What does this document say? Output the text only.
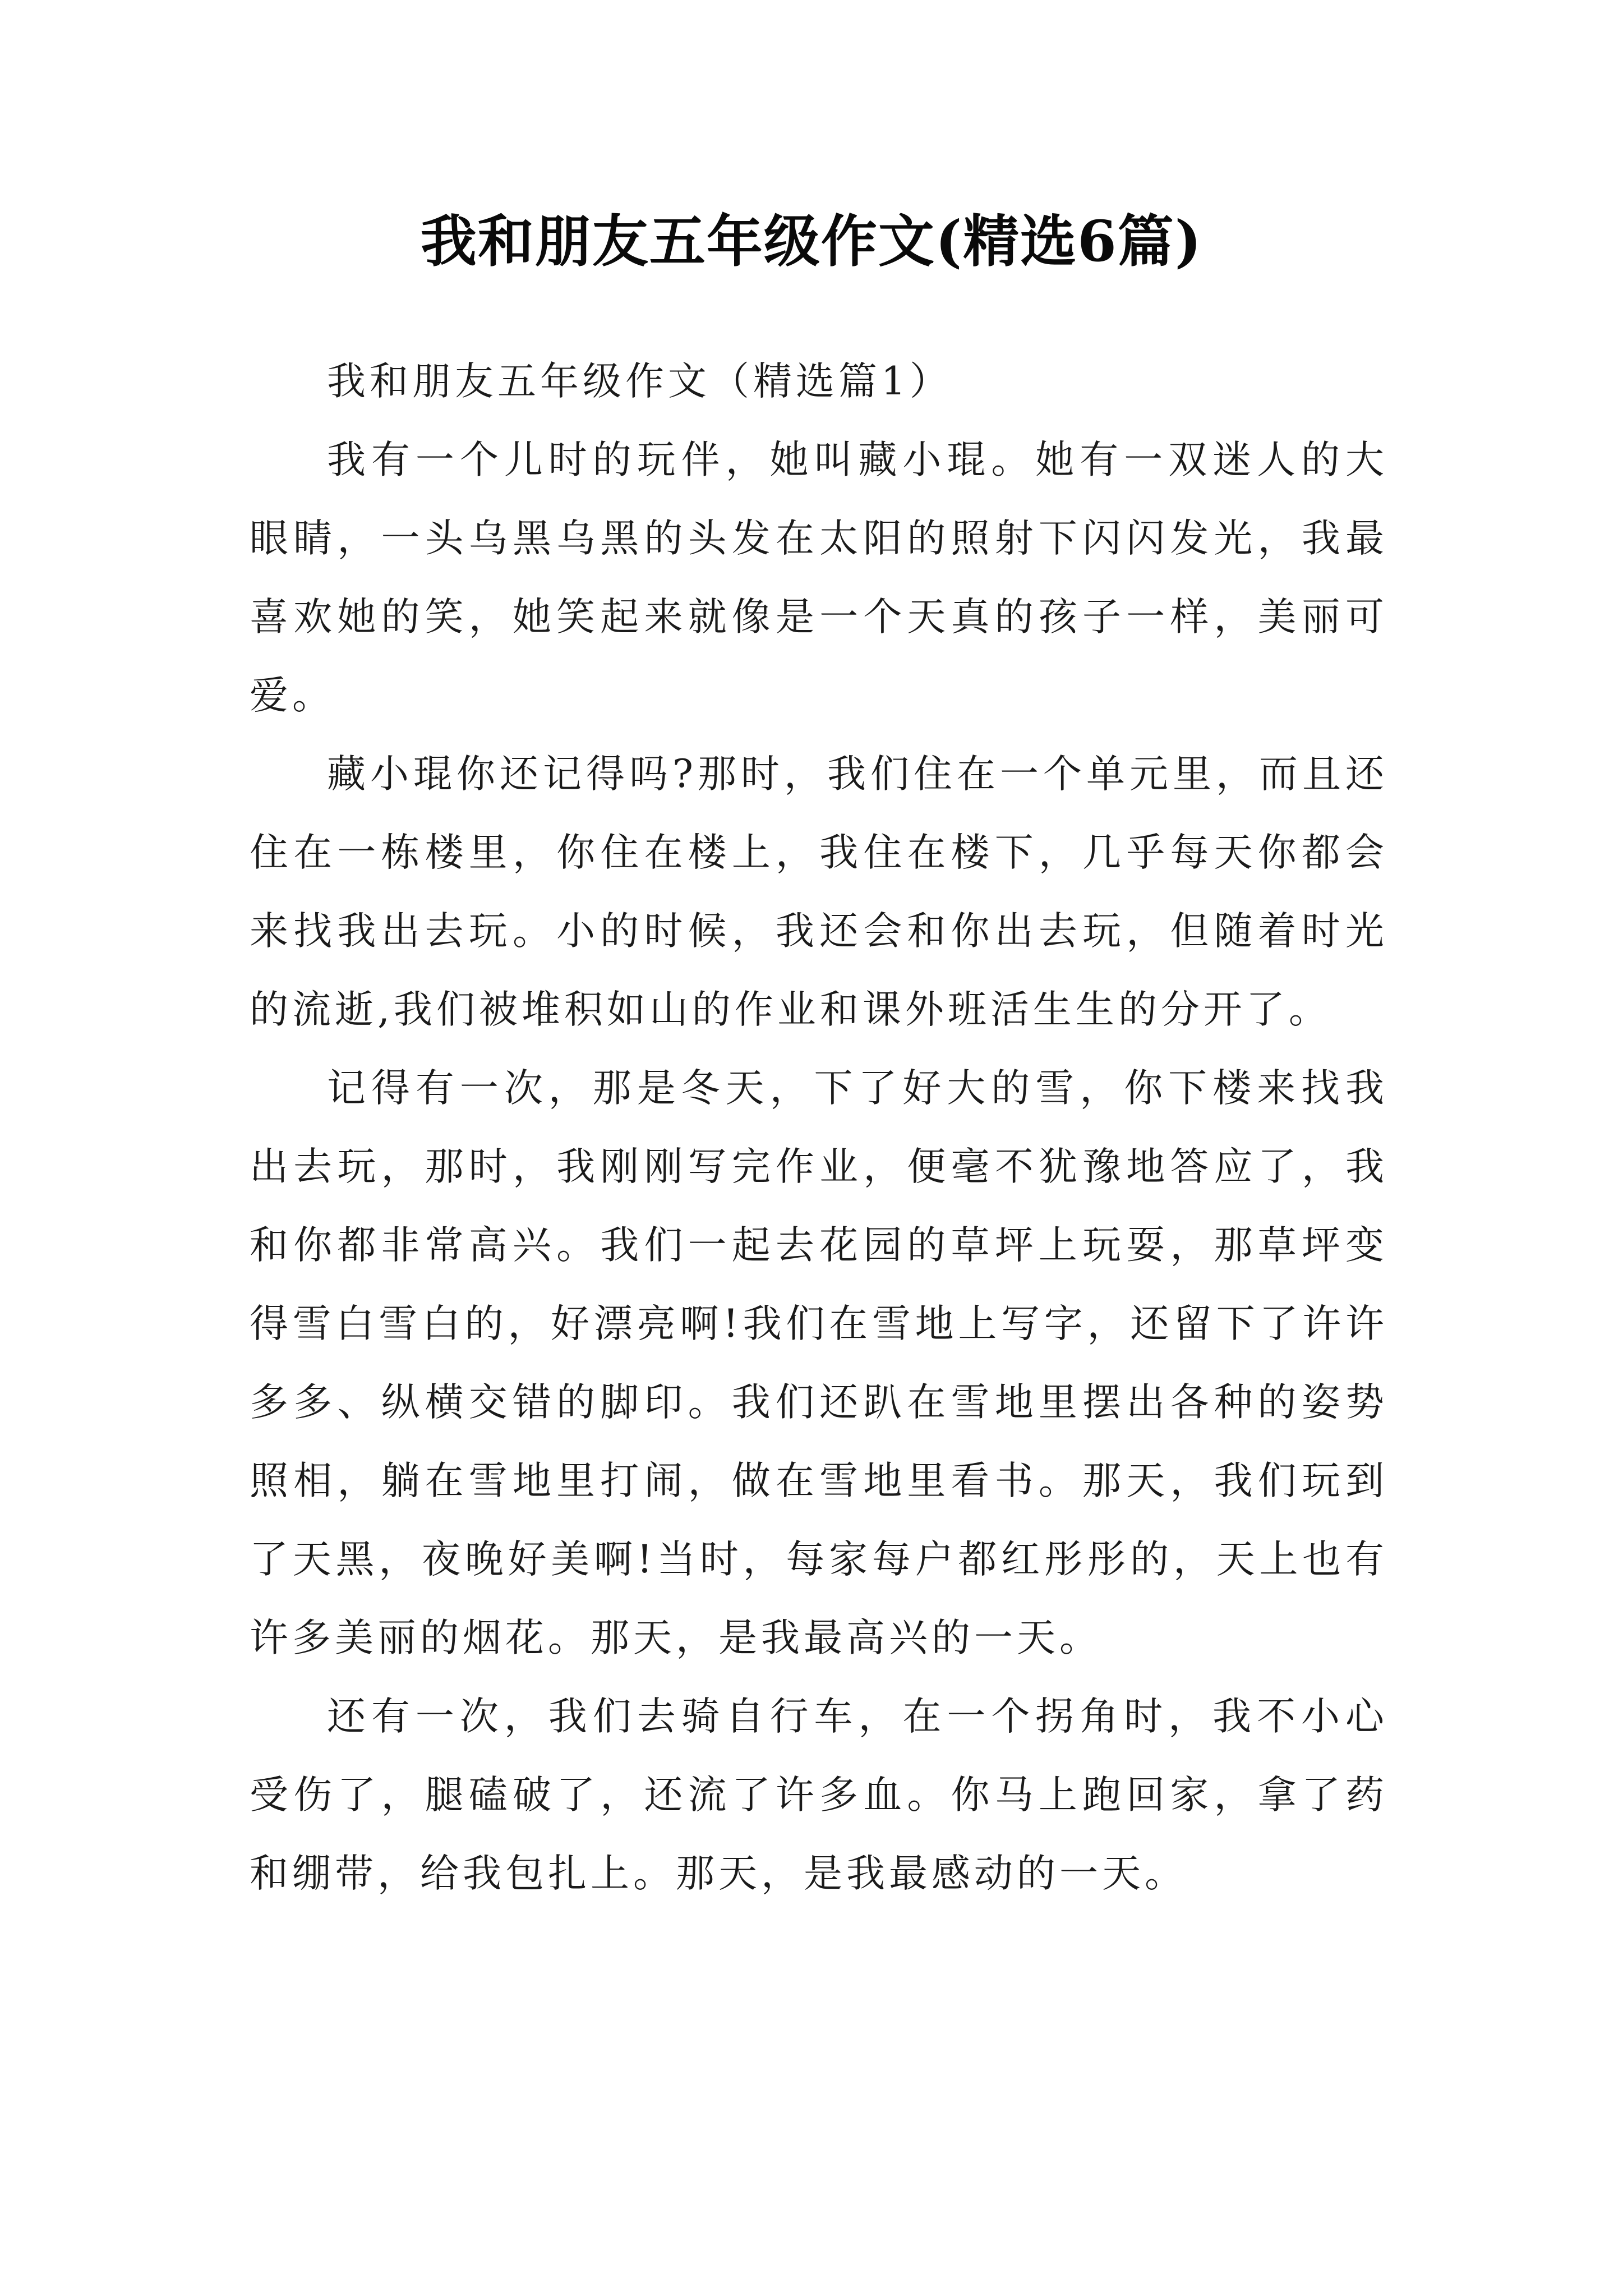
我和朋友五年级作文(精选6篇)

我和朋友五年级作文（精选篇1）

我有一个儿时的玩伴，她叫藏小琨。她有一双迷人的大眼睛，一头乌黑乌黑的头发在太阳的照射下闪闪发光，我最喜欢她的笑，她笑起来就像是一个天真的孩子一样，美丽可爱。

藏小琨你还记得吗?那时，我们住在一个单元里，而且还住在一栋楼里，你住在楼上，我住在楼下，几乎每天你都会来找我出去玩。小的时候，我还会和你出去玩，但随着时光的流逝,我们被堆积如山的作业和课外班活生生的分开了。

记得有一次，那是冬天，下了好大的雪，你下楼来找我出去玩，那时，我刚刚写完作业，便毫不犹豫地答应了，我和你都非常高兴。我们一起去花园的草坪上玩耍，那草坪变得雪白雪白的，好漂亮啊!我们在雪地上写字，还留下了许许多多、纵横交错的脚印。我们还趴在雪地里摆出各种的姿势照相，躺在雪地里打闹，做在雪地里看书。那天，我们玩到了天黑，夜晚好美啊!当时，每家每户都红彤彤的，天上也有许多美丽的烟花。那天，是我最高兴的一天。

还有一次，我们去骑自行车，在一个拐角时，我不小心受伤了，腿磕破了，还流了许多血。你马上跑回家，拿了药和绷带，给我包扎上。那天，是我最感动的一天。
